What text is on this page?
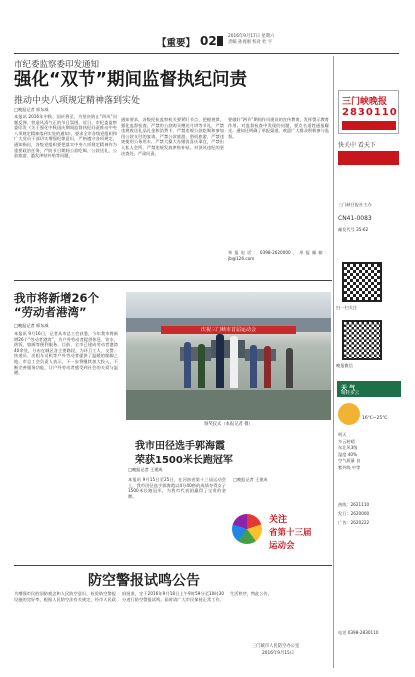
【重要】 02	2016年9月17日 星期六
责编 孙再刚 校对 杜 宇
市纪委监察委印发通知
强化“双节”期间监督执纪问责
推动中央八项规定精神落到实处
□晚报记者 邢东威
本报讯 2016年中秋、国庆将至，为坚决防止“四风”问题反弹，营造风清气正的节日氛围，近日，市纪委监察委印发《关于强化中秋国庆期间监督执纪问责推动中央八项规定精神落到实处的通知》，要求全市各级党组织和广大党员干部切实增强纪律意识，严格遵守各项规定。通知指出，各级党组织要把落实中央八项规定精神作为重要政治任务，严防节日期间公款吃喝、公款送礼、公款旅游、滥发津贴补贴等问题。
通知要求，各级纪检监察机关要紧盯节点、把握规律，强化监督检查。严禁用公款购买赠送月饼等节礼，严禁违规收送礼品礼金和消费卡，严禁违规公款吃喝和参加用公款支付的宴请，严禁公款旅游、借机旅游，严禁违规使用公务用车，严禁大操大办婚丧喜庆事宜，严禁出入私人会所，严禁违规发放津贴补贴。对顶风违纪的坚决查处，严肃问责。
要做好“两节”期间作风建设的宣传教育，发挥警示教育作用。对监督检查中发现的问题，要点名道姓通报曝光。通知还明确了举报渠道，欢迎广大群众积极参与监督。
举报电话：0398-2620000，举报邮箱：jb@126.com
我市将新增26个
“劳动者港湾”
□晚报记者 邢东威
本报讯 9月16日，记者从市总工会获悉，今年我市将新增26个“劳动者港湾”，为户外劳动者提供休息、饮水、热饭、如厕等便利服务。目前，全市已建成劳动者港湾40余处，分布在城区各主要路段，为环卫工人、交警、快递员、出租车司机等户外劳动者提供了温暖的歇脚之地。市总工会负责人表示，下一步将继续加大投入，不断完善服务功能，让户外劳动者感受到社会的关爱与温暖。
庆祝三门峡市首届运动会
颁奖仪式（本报记者 摄）
我市田径选手郭海霞
荣获1500米长跑冠军
□晚报记者 王建成
本报讯 9月15日至25日，在河南省第十三届运动会上，我市田径选手郭海霞以4分40秒的成绩夺得女子1500米长跑冠军，为我市代表团赢得了宝贵的金牌。
□晚报记者 王建成
关注
省第十三届
运动会
防空警报试鸣公告
为增强市民的国防观念和人民防空意识，检验防空警报设施的完好率，根据人民防空法有关规定，经市人民政府批准，定于2016年9月18日上午9时59分至10时30分进行防空警报试鸣。届时请广大市民保持正常工作、生活秩序，特此公告。
三门峡市人民防空办公室
2016年9月15日
三门峡晚报
2830110
快关中 看天下
三门峡日报社主办
CN41-0083
邮发代号 35-62
扫一扫关注
晚报微信
天 气
晴转多云
16℃~25℃
明天
多云转晴
东北风3级
湿度 40%
空气质量 良
紫外线 中等
热线：2621110
发行：2620000
广告：2620222
电话 0398-2830110
